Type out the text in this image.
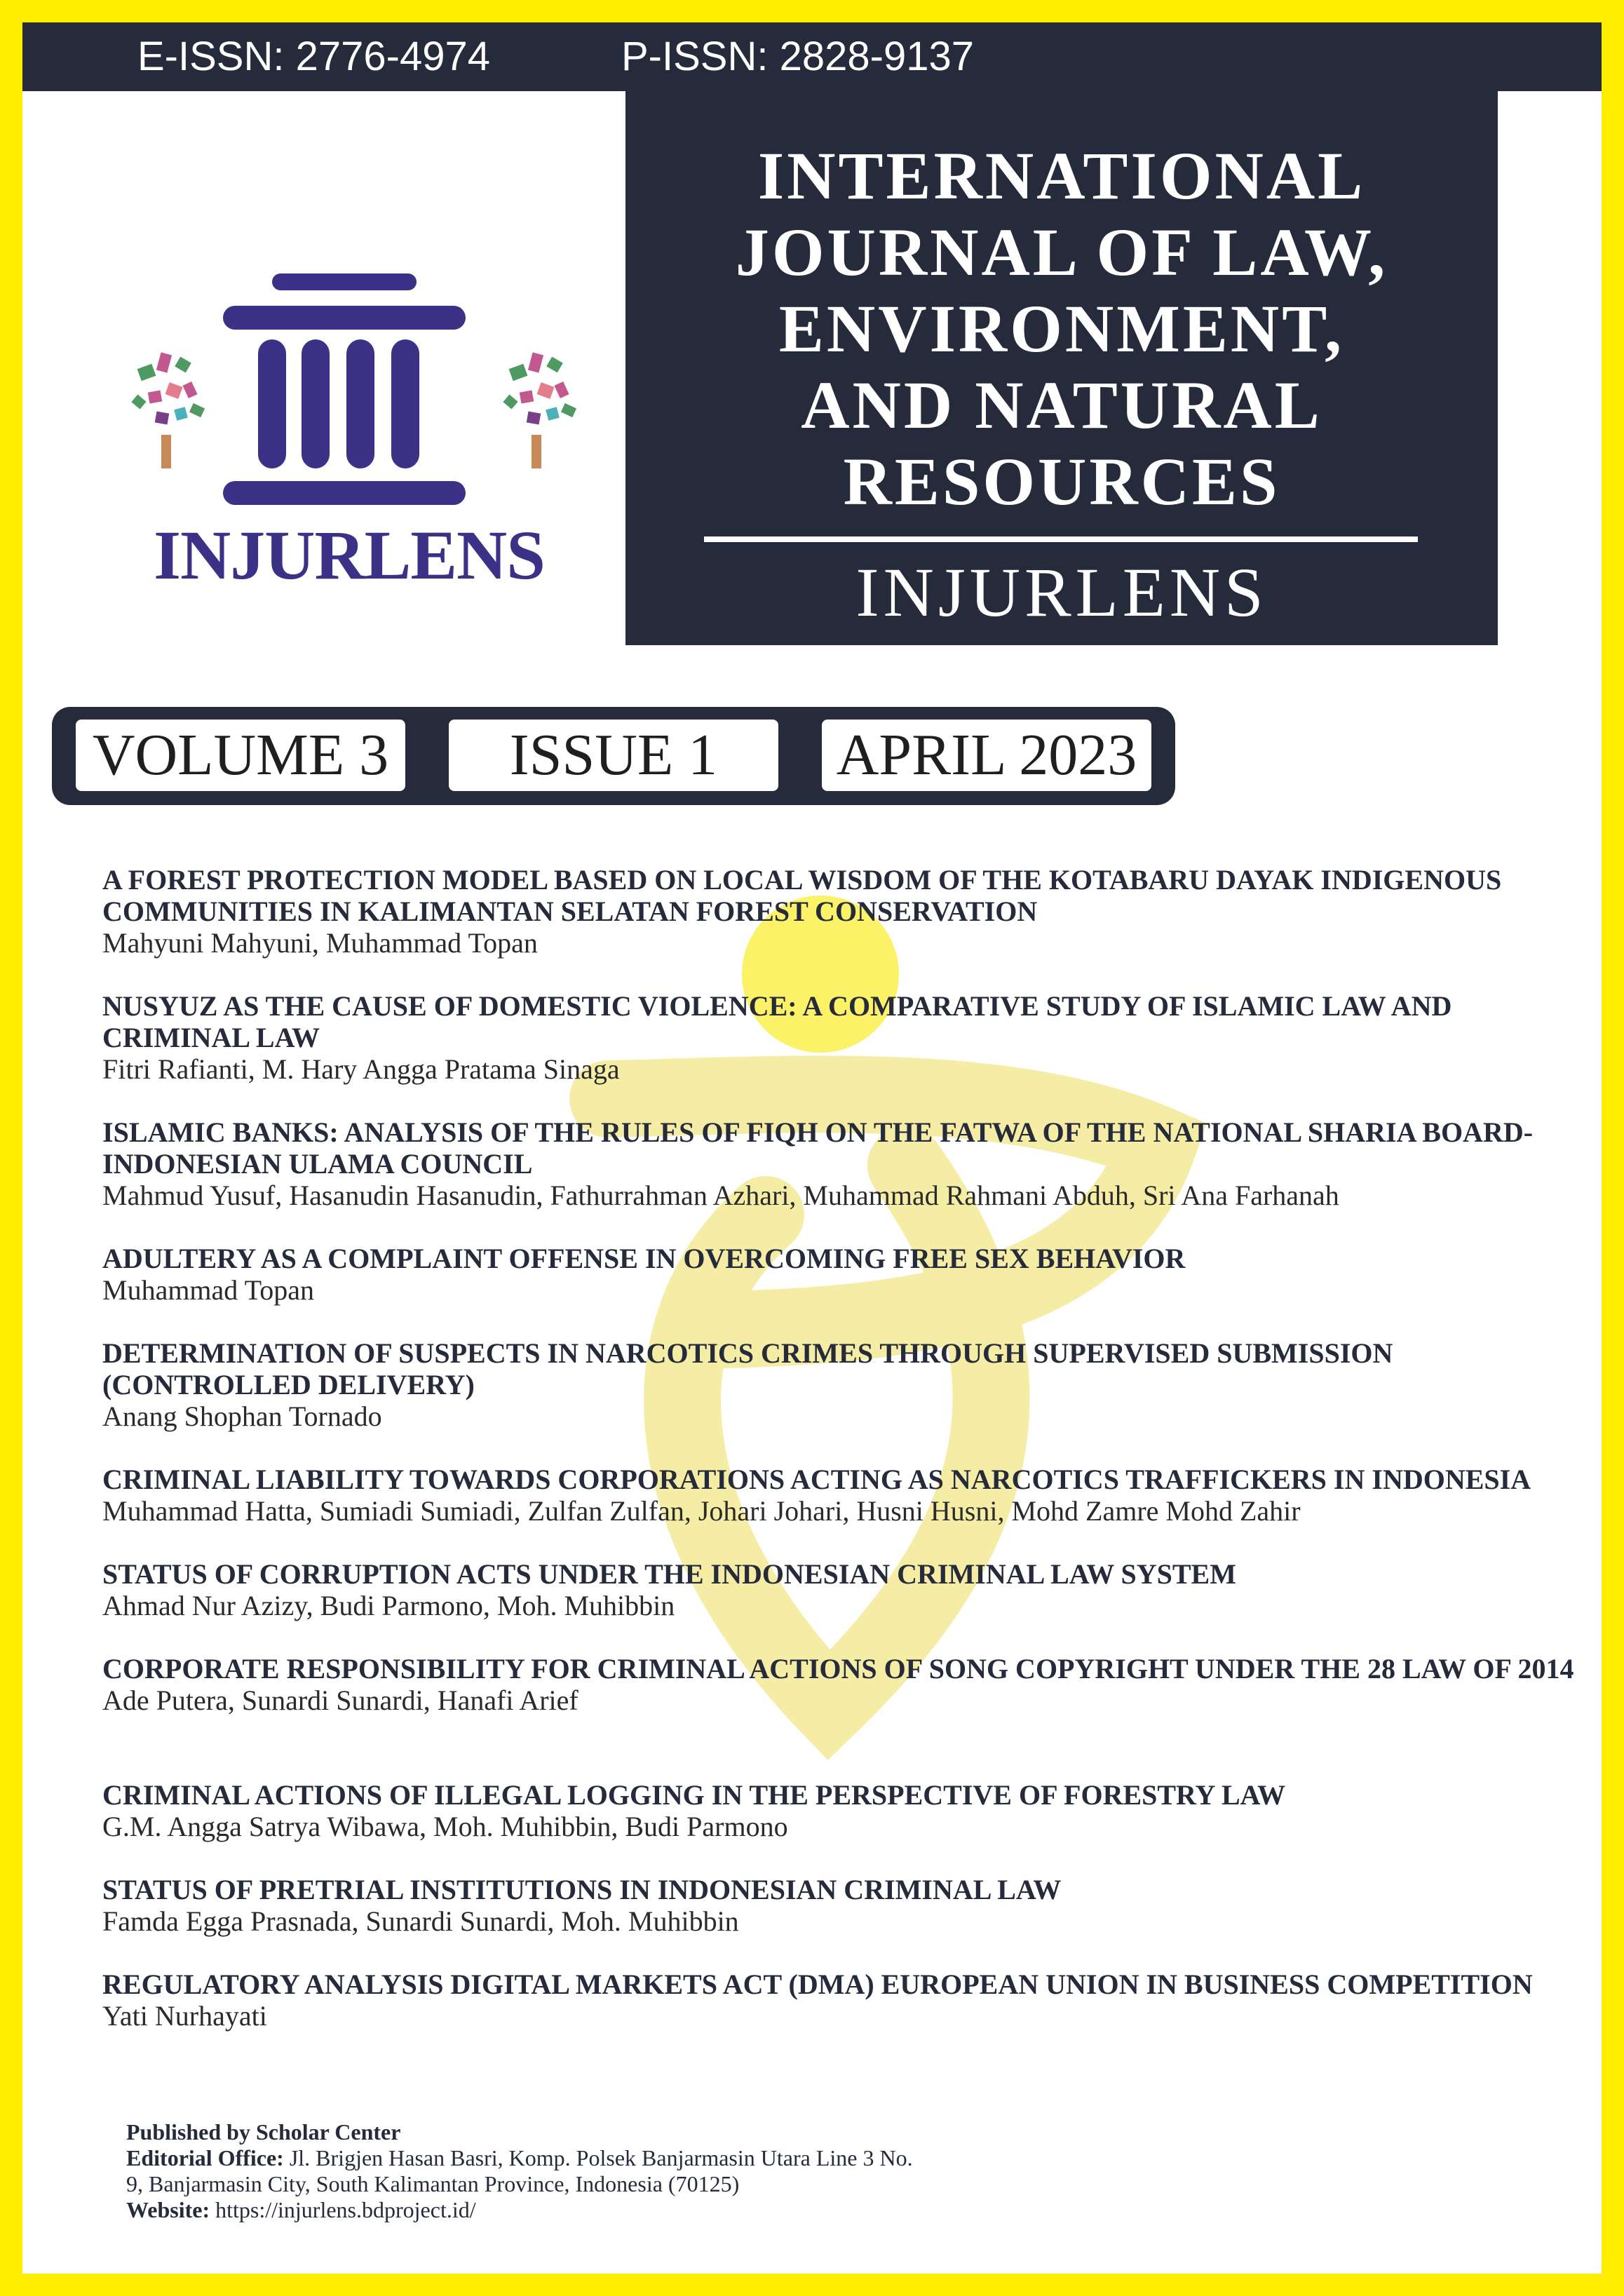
E-ISSN: 2776-4974	P-ISSN: 2828-9137
INJURLENS
INTERNATIONAL
JOURNAL OF LAW,
ENVIRONMENT,
AND NATURAL
RESOURCES
INJURLENS
VOLUME 3	ISSUE 1	APRIL 2023
A FOREST PROTECTION MODEL BASED ON LOCAL WISDOM OF THE KOTABARU DAYAK INDIGENOUS COMMUNITIES IN KALIMANTAN SELATAN FOREST CONSERVATION
Mahyuni Mahyuni, Muhammad Topan
NUSYUZ AS THE CAUSE OF DOMESTIC VIOLENCE: A COMPARATIVE STUDY OF ISLAMIC LAW AND CRIMINAL LAW
Fitri Rafianti, M. Hary Angga Pratama Sinaga
ISLAMIC BANKS: ANALYSIS OF THE RULES OF FIQH ON THE FATWA OF THE NATIONAL SHARIA BOARD-INDONESIAN ULAMA COUNCIL
Mahmud Yusuf, Hasanudin Hasanudin, Fathurrahman Azhari, Muhammad Rahmani Abduh, Sri Ana Farhanah
ADULTERY AS A COMPLAINT OFFENSE IN OVERCOMING FREE SEX BEHAVIOR
Muhammad Topan
DETERMINATION OF SUSPECTS IN NARCOTICS CRIMES THROUGH SUPERVISED SUBMISSION (CONTROLLED DELIVERY)
Anang Shophan Tornado
CRIMINAL LIABILITY TOWARDS CORPORATIONS ACTING AS NARCOTICS TRAFFICKERS IN INDONESIA
Muhammad Hatta, Sumiadi Sumiadi, Zulfan Zulfan, Johari Johari, Husni Husni, Mohd Zamre Mohd Zahir
STATUS OF CORRUPTION ACTS UNDER THE INDONESIAN CRIMINAL LAW SYSTEM
Ahmad Nur Azizy, Budi Parmono, Moh. Muhibbin
CORPORATE RESPONSIBILITY FOR CRIMINAL ACTIONS OF SONG COPYRIGHT UNDER THE 28 LAW OF 2014
Ade Putera, Sunardi Sunardi, Hanafi Arief
CRIMINAL ACTIONS OF ILLEGAL LOGGING IN THE PERSPECTIVE OF FORESTRY LAW
G.M. Angga Satrya Wibawa, Moh. Muhibbin, Budi Parmono
STATUS OF PRETRIAL INSTITUTIONS IN INDONESIAN CRIMINAL LAW
Famda Egga Prasnada, Sunardi Sunardi, Moh. Muhibbin
REGULATORY ANALYSIS DIGITAL MARKETS ACT (DMA) EUROPEAN UNION IN BUSINESS COMPETITION
Yati Nurhayati
Published by Scholar Center
Editorial Office: Jl. Brigjen Hasan Basri, Komp. Polsek Banjarmasin Utara Line 3 No.
9, Banjarmasin City, South Kalimantan Province, Indonesia (70125)
Website: https://injurlens.bdproject.id/
